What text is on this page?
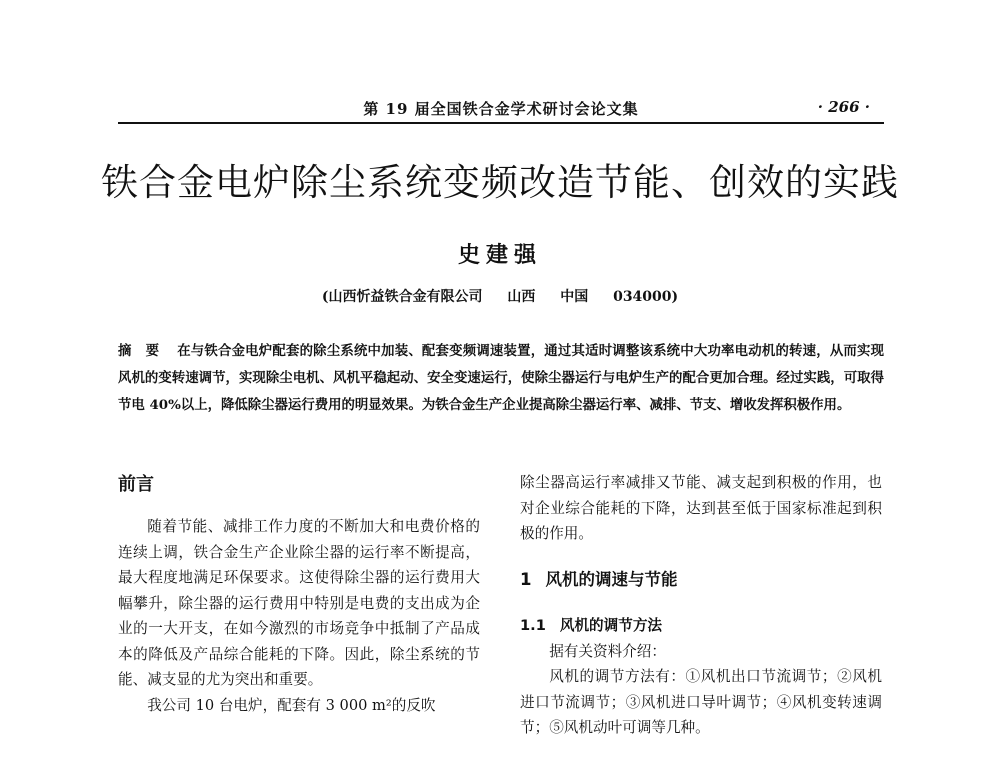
第 19 届全国铁合金学术研讨会论文集	· 266 ·
铁合金电炉除尘系统变频改造节能、创效的实践
史建强
(山西忻益铁合金有限公司 山西 中国 034000)
摘要 在与铁合金电炉配套的除尘系统中加装、配套变频调速装置，通过其适时调整该系统中大功率电动机的转速，从而实现风机的变转速调节，实现除尘电机、风机平稳起动、安全变速运行，使除尘器运行与电炉生产的配合更加合理。经过实践，可取得节电 40%以上，降低除尘器运行费用的明显效果。为铁合金生产企业提高除尘器运行率、减排、节支、增收发挥积极作用。
前言

随着节能、减排工作力度的不断加大和电费价格的连续上调，铁合金生产企业除尘器的运行率不断提高，最大程度地满足环保要求。这使得除尘器的运行费用大幅攀升，除尘器的运行费用中特别是电费的支出成为企业的一大开支，在如今激烈的市场竞争中抵制了产品成本的降低及产品综合能耗的下降。因此，除尘系统的节能、减支显的尤为突出和重要。

我公司 10 台电炉，配套有 3 000 m²的反吹

除尘器高运行率减排又节能、减支起到积极的作用，也对企业综合能耗的下降，达到甚至低于国家标准起到积极的作用。

1 风机的调速与节能
1.1 风机的调节方法

据有关资料介绍：

风机的调节方法有：①风机出口节流调节；②风机进口节流调节；③风机进口导叶调节；④风机变转速调节；⑤风机动叶可调等几种。
